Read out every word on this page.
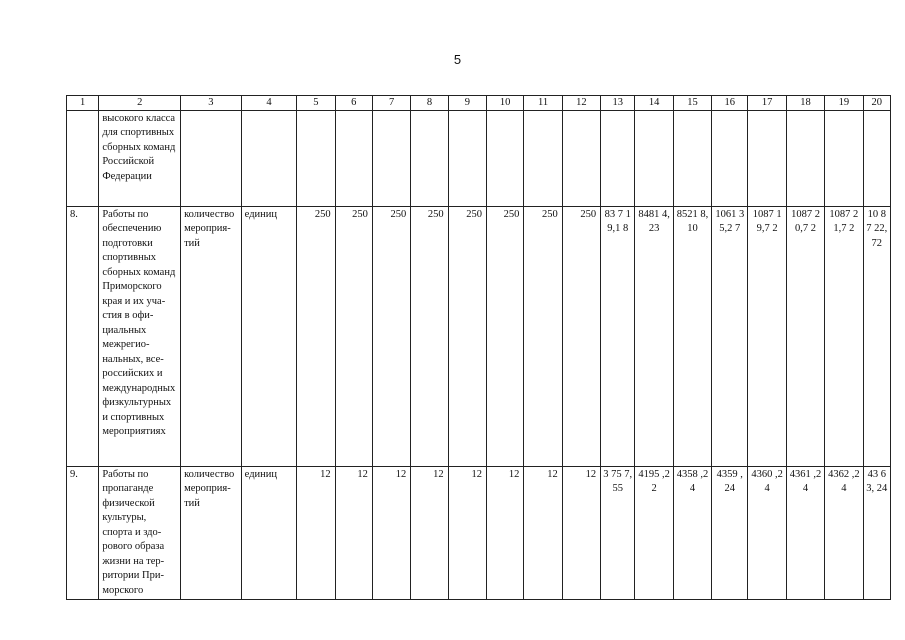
5
1	2	3	4	5	6	7	8	9	10	11	12	13	14	15	16	17	18	19	20
	высокого класса для спортивных сборных команд Российской Федерации																		
8.	Работы по обеспечению подготовки спортивных сборных команд Приморского края и их участия в официальных межрегиональных, всероссийских и международных физкультурных и спортивных мероприятиях	количество мероприятий	единиц	250	250	250	250	250	250	250	250	83 7 19,1 8	8481 4,23	8521 8,10	1061 35,2 7	1087 19,7 2	1087 20,7 2	1087 21,7 2	10 87 22, 72
9.	Работы по пропаганде физической культуры, спорта и здорового образа жизни на территории Приморского	количество мероприятий	единиц	12	12	12	12	12	12	12	12	3 75 7,55	4195 ,22	4358 ,24	4359 ,24	4360 ,24	4361 ,24	4362 ,24	43 63, 24
